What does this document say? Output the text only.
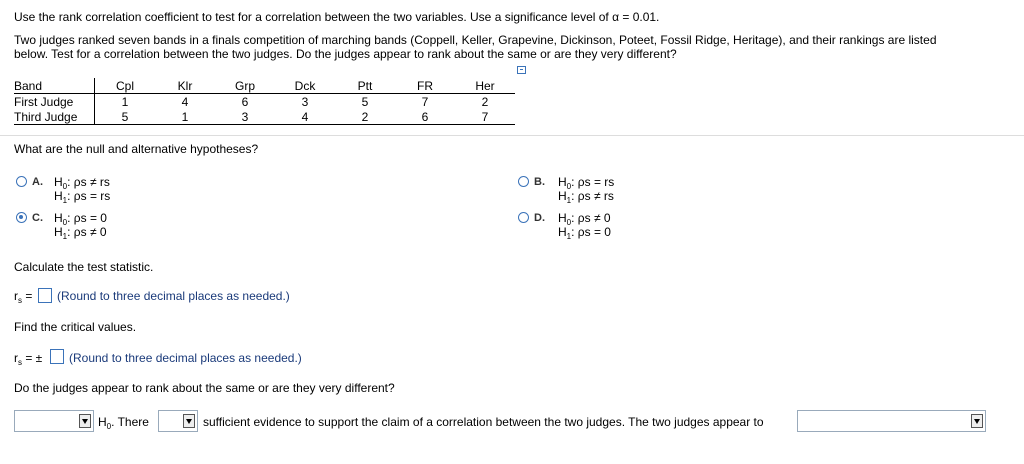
Use the rank correlation coefficient to test for a correlation between the two variables. Use a significance level of α = 0.01.
Two judges ranked seven bands in a finals competition of marching bands (Coppell, Keller, Grapevine, Dickinson, Poteet, Fossil Ridge, Heritage), and their rankings are listed
below. Test for a correlation between the two judges. Do the judges appear to rank about the same or are they very different?
Band	Cpl	Klr	Grp	Dck	Ptt	FR	Her
First Judge	1	4	6	3	5	7	2
Third Judge	5	1	3	4	2	6	7
What are the null and alternative hypotheses?
A. $H_0$: ρs ≠ rs
$H_1$: ρs = rs
C. $H_0$: ρs = 0
$H_1$: ρs ≠ 0
B. $H_0$: ρs = rs
$H_1$: ρs ≠ rs
D. $H_0$: ρs ≠ 0
$H_1$: ρs = 0
Calculate the test statistic.
$r_s$ = (Round to three decimal places as needed.)
Find the critical values.
$r_s$ = ± (Round to three decimal places as needed.)
Do the judges appear to rank about the same or are they very different?
$H_0$. There	sufficient evidence to support the claim of a correlation between the two judges. The two judges appear to
